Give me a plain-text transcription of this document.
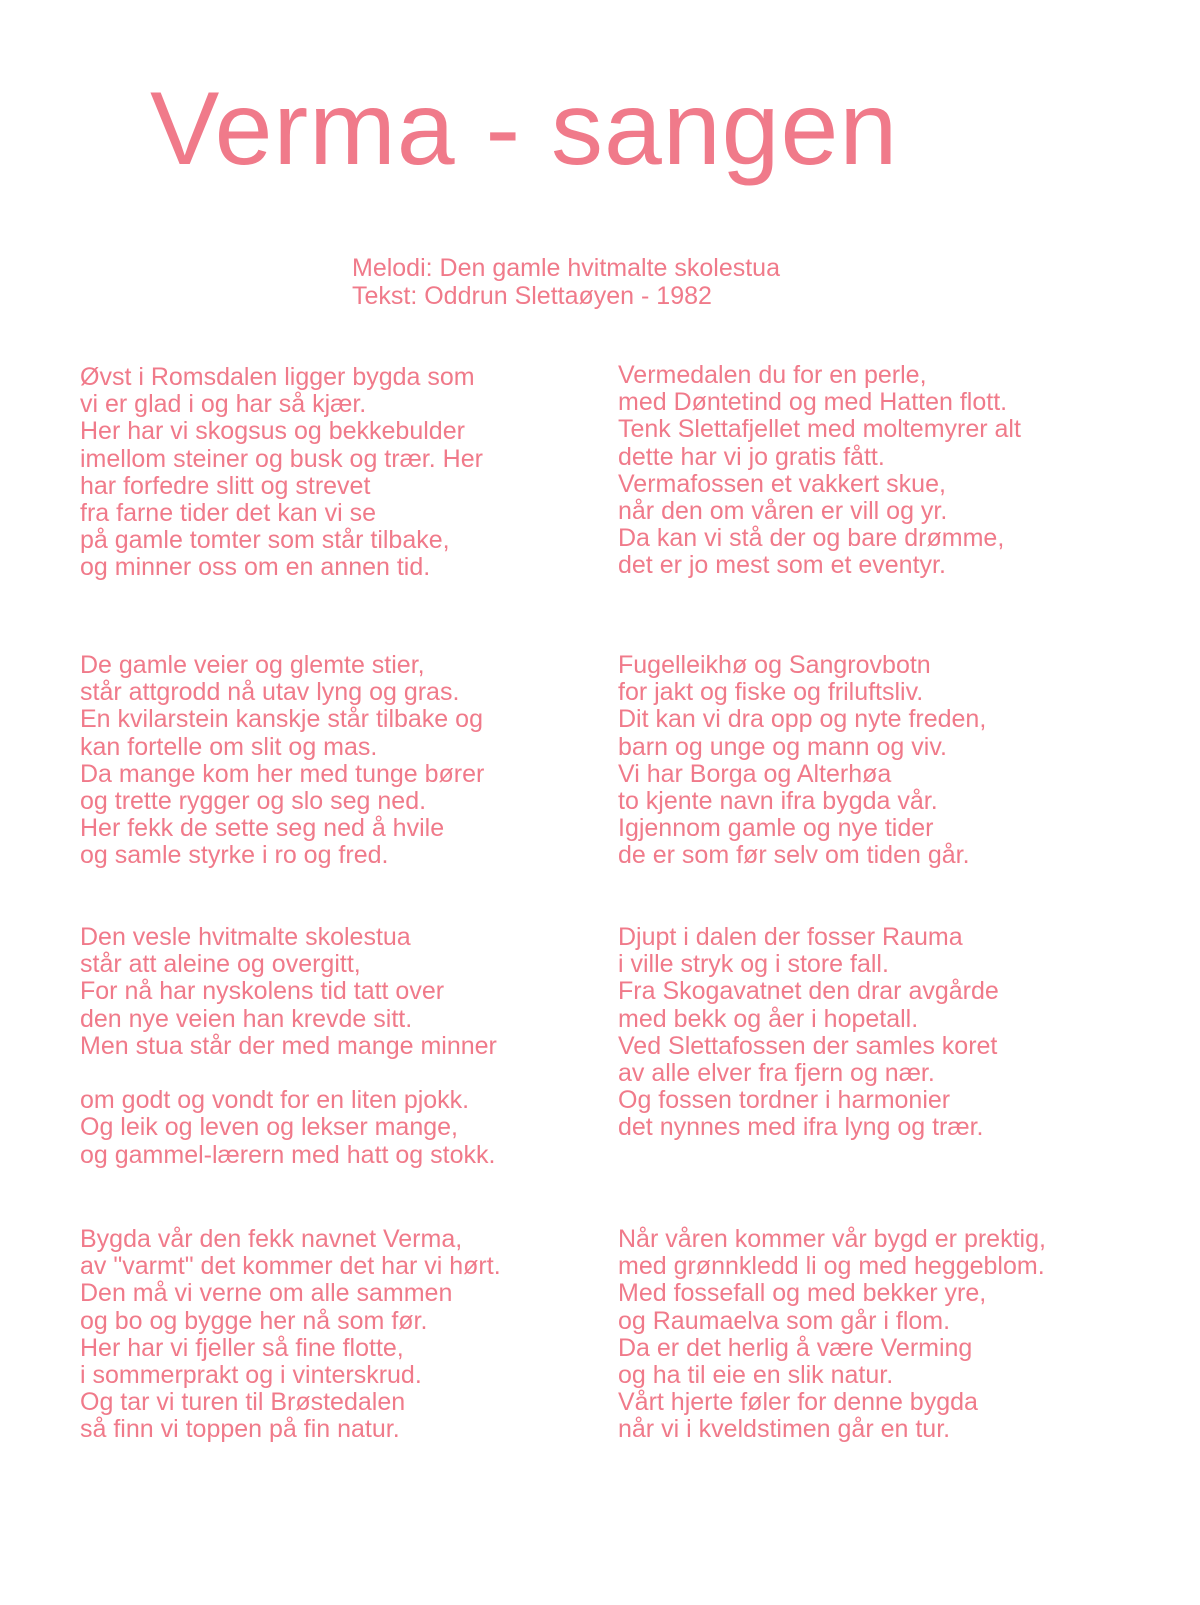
Verma - sangen
Melodi: Den gamle hvitmalte skolestua
Tekst: Oddrun Slettaøyen - 1982
Øvst i Romsdalen ligger bygda som
vi er glad i og har så kjær.
Her har vi skogsus og bekkebulder
imellom steiner og busk og trær. Her
har forfedre slitt og strevet
fra farne tider det kan vi se
på gamle tomter som står tilbake,
og minner oss om en annen tid.
Vermedalen du for en perle,
med Døntetind og med Hatten flott.
Tenk Slettafjellet med moltemyrer alt
dette har vi jo gratis fått.
Vermafossen et vakkert skue,
når den om våren er vill og yr.
Da kan vi stå der og bare drømme,
det er jo mest som et eventyr.
De gamle veier og glemte stier,
står attgrodd nå utav lyng og gras.
En kvilarstein kanskje står tilbake og
kan fortelle om slit og mas.
Da mange kom her med tunge bører
og trette rygger og slo seg ned.
Her fekk de sette seg ned å hvile
og samle styrke i ro og fred.
Fugelleikhø og Sangrovbotn
for jakt og fiske og friluftsliv.
Dit kan vi dra opp og nyte freden,
barn og unge og mann og viv.
Vi har Borga og Alterhøa
to kjente navn ifra bygda vår.
Igjennom gamle og nye tider
de er som før selv om tiden går.
Den vesle hvitmalte skolestua
står att aleine og overgitt,
For nå har nyskolens tid tatt over
den nye veien han krevde sitt.
Men stua står der med mange minner
om godt og vondt for en liten pjokk.
Og leik og leven og lekser mange,
og gammel-lærern med hatt og stokk.
Djupt i dalen der fosser Rauma
i ville stryk og i store fall.
Fra Skogavatnet den drar avgårde
med bekk og åer i hopetall.
Ved Slettafossen der samles koret
av alle elver fra fjern og nær.
Og fossen tordner i harmonier
det nynnes med ifra lyng og trær.
Bygda vår den fekk navnet Verma,
av "varmt" det kommer det har vi hørt.
Den må vi verne om alle sammen
og bo og bygge her nå som før.
Her har vi fjeller så fine flotte,
i sommerprakt og i vinterskrud.
Og tar vi turen til Brøstedalen
så finn vi toppen på fin natur.
Når våren kommer vår bygd er prektig,
med grønnkledd li og med heggeblom.
Med fossefall og med bekker yre,
og Raumaelva som går i flom.
Da er det herlig å være Verming
og ha til eie en slik natur.
Vårt hjerte føler for denne bygda
når vi i kveldstimen går en tur.
